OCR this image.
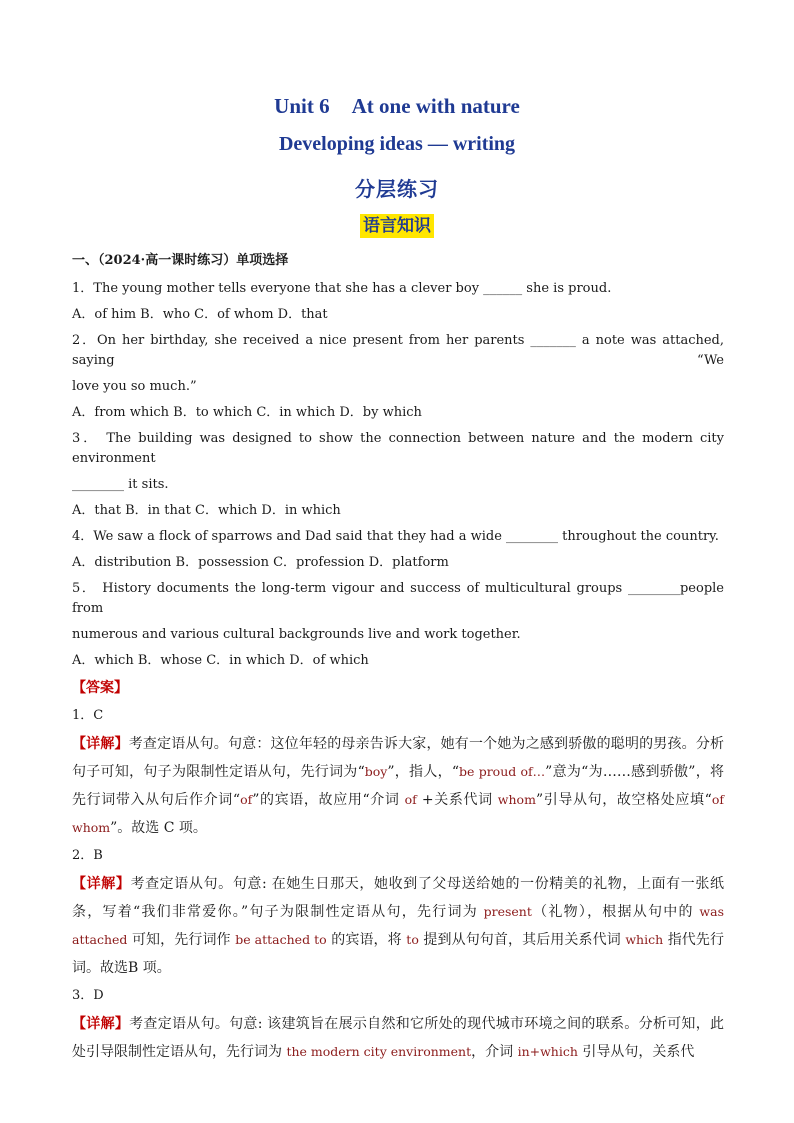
Unit 6 At one with nature
Developing ideas — writing
分层练习
语言知识
一、（2024·高一课时练习）单项选择
1．The young mother tells everyone that she has a clever boy ______ she is proud.
A．of him B．who C．of whom D．that
2．On her birthday, she received a nice present from her parents _______ a note was attached, saying “We
love you so much.”
A．from which B．to which C．in which D．by which
3． The building was designed to show the connection between nature and the modern city environment
________ it sits.
A．that B．in that C．which D．in which
4．We saw a flock of sparrows and Dad said that they had a wide ________ throughout the country.
A．distribution B．possession C．profession D．platform
5． History documents the long-term vigour and success of multicultural groups ________people from
numerous and various cultural backgrounds live and work together.
A．which B．whose C．in which D．of which
【答案】
1．C

【详解】考查定语从句。句意：这位年轻的母亲告诉大家，她有一个她为之感到骄傲的聪明的男孩。分析句子可知，句子为限制性定语从句，先行词为“boy”，指人，“be proud of…”意为“为……感到骄傲”，将先行词带入从句后作介词“of”的宾语，故应用“介词 of +关系代词 whom”引导从句，故空格处应填“of whom”。故选 C 项。

2．B

【详解】考查定语从句。句意: 在她生日那天，她收到了父母送给她的一份精美的礼物，上面有一张纸条，写着“我们非常爱你。”句子为限制性定语从句，先行词为 present（礼物），根据从句中的 was attached 可知，先行词作 be attached to 的宾语，将 to 提到从句句首，其后用关系代词 which 指代先行词。故选B 项。

3．D

【详解】考查定语从句。句意: 该建筑旨在展示自然和它所处的现代城市环境之间的联系。分析可知，此处引导限制性定语从句，先行词为 the modern city environment，介词 in+which 引导从句，关系代
